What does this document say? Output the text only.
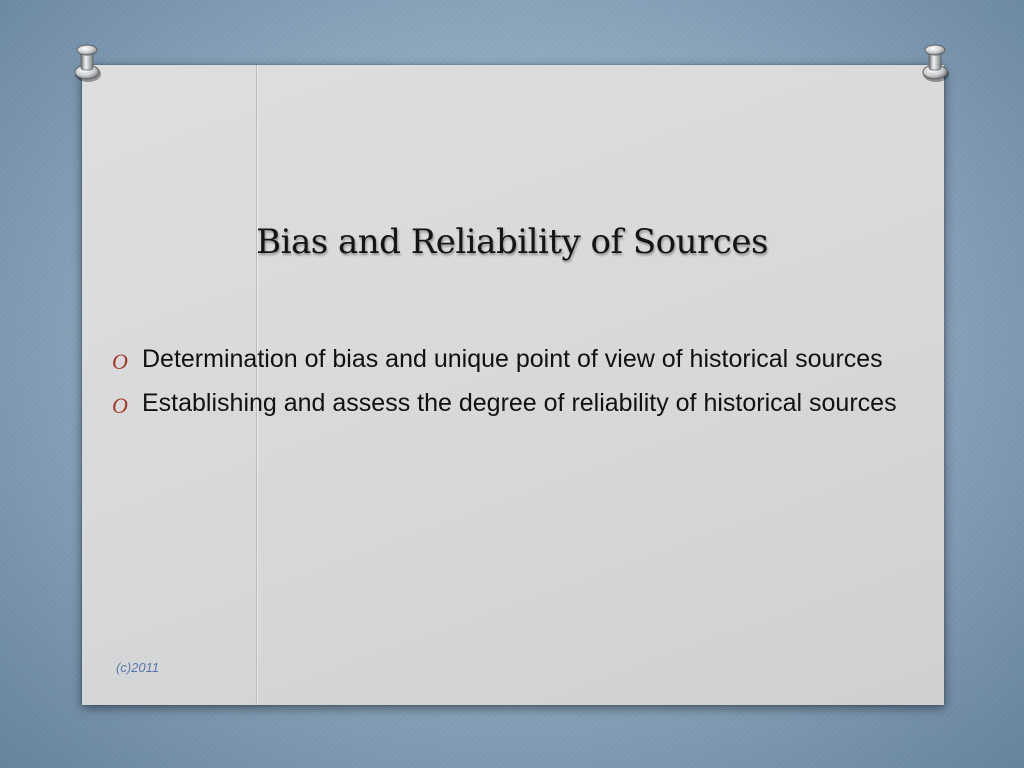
Bias and Reliability of Sources
O Determination of bias and unique point of view of historical sources
O Establishing and assess the degree of reliability of historical sources
(c)2011
